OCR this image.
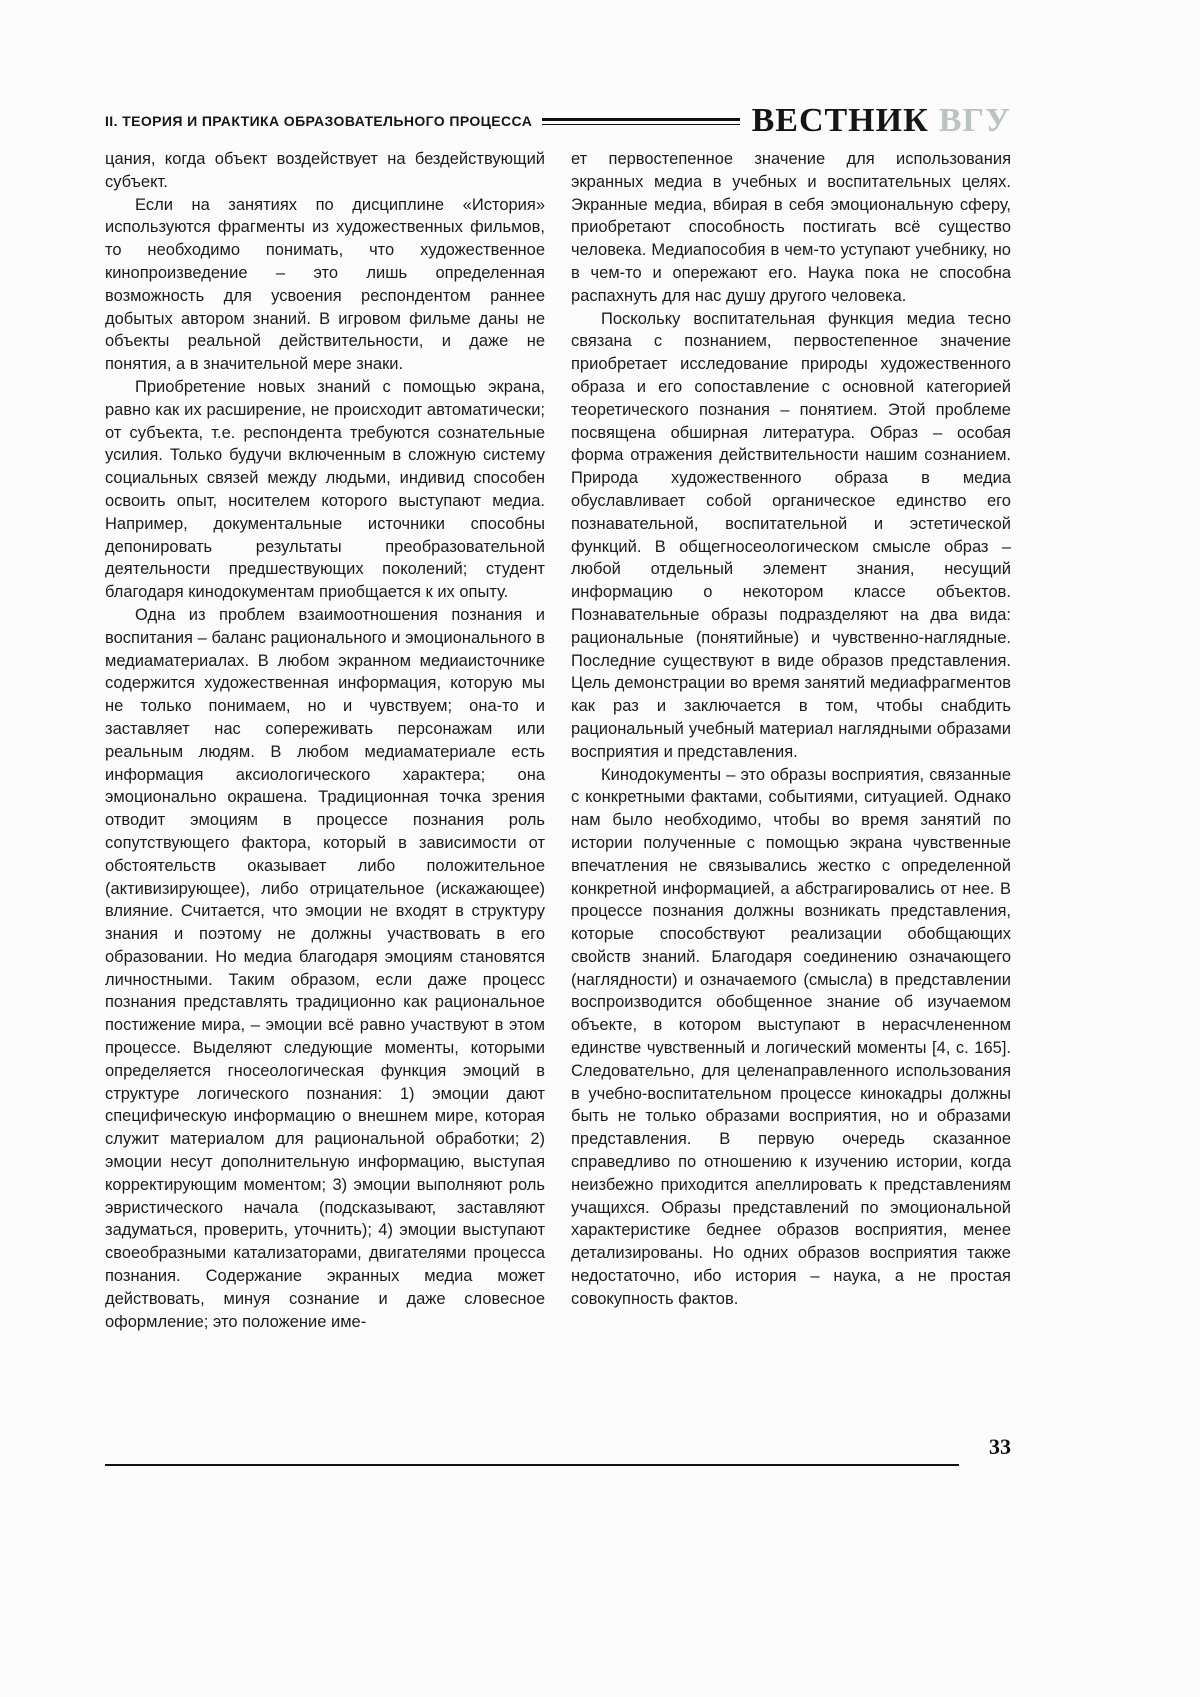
II. ТЕОРИЯ И ПРАКТИКА ОБРАЗОВАТЕЛЬНОГО ПРОЦЕССА	ВЕСТНИК ВГУ

цания, когда объект воздействует на бездействующий субъект.

Если на занятиях по дисциплине «История» используются фрагменты из художественных фильмов, то необходимо понимать, что художественное кинопроизведение – это лишь определенная возможность для усвоения респондентом раннее добытых автором знаний. В игровом фильме даны не объекты реальной действительности, и даже не понятия, а в значительной мере знаки.

Приобретение новых знаний с помощью экрана, равно как их расширение, не происходит автоматически; от субъекта, т.е. респондента требуются сознательные усилия. Только будучи включенным в сложную систему социальных связей между людьми, индивид способен освоить опыт, носителем которого выступают медиа. Например, документальные источники способны депонировать результаты преобразовательной деятельности предшествующих поколений; студент благодаря кинодокументам приобщается к их опыту.

Одна из проблем взаимоотношения познания и воспитания – баланс рационального и эмоционального в медиаматериалах. В любом экранном медиаисточнике содержится художественная информация, которую мы не только понимаем, но и чувствуем; она-то и заставляет нас сопереживать персонажам или реальным людям. В любом медиаматериале есть информация аксиологического характера; она эмоционально окрашена. Традиционная точка зрения отводит эмоциям в процессе познания роль сопутствующего фактора, который в зависимости от обстоятельств оказывает либо положительное (активизирующее), либо отрицательное (искажающее) влияние. Считается, что эмоции не входят в структуру знания и поэтому не должны участвовать в его образовании. Но медиа благодаря эмоциям становятся личностными. Таким образом, если даже процесс познания представлять традиционно как рациональное постижение мира, – эмоции всё равно участвуют в этом процессе. Выделяют следующие моменты, которыми определяется гносеологическая функция эмоций в структуре логического познания: 1) эмоции дают специфическую информацию о внешнем мире, которая служит материалом для рациональной обработки; 2) эмоции несут дополнительную информацию, выступая корректирующим моментом; 3) эмоции выполняют роль эвристического начала (подсказывают, заставляют задуматься, проверить, уточнить); 4) эмоции выступают своеобразными катализаторами, двигателями процесса познания. Содержание экранных медиа может действовать, минуя сознание и даже словесное оформление; это положение име-

ет первостепенное значение для использования экранных медиа в учебных и воспитательных целях. Экранные медиа, вбирая в себя эмоциональную сферу, приобретают способность постигать всё существо человека. Медиапособия в чем-то уступают учебнику, но в чем-то и опережают его. Наука пока не способна распахнуть для нас душу другого человека.

Поскольку воспитательная функция медиа тесно связана с познанием, первостепенное значение приобретает исследование природы художественного образа и его сопоставление с основной категорией теоретического познания – понятием. Этой проблеме посвящена обширная литература. Образ – особая форма отражения действительности нашим сознанием. Природа художественного образа в медиа обуславливает собой органическое единство его познавательной, воспитательной и эстетической функций. В общегносеологическом смысле образ – любой отдельный элемент знания, несущий информацию о некотором классе объектов. Познавательные образы подразделяют на два вида: рациональные (понятийные) и чувственно-наглядные. Последние существуют в виде образов представления. Цель демонстрации во время занятий медиафрагментов как раз и заключается в том, чтобы снабдить рациональный учебный материал наглядными образами восприятия и представления.

Кинодокументы – это образы восприятия, связанные с конкретными фактами, событиями, ситуацией. Однако нам было необходимо, чтобы во время занятий по истории полученные с помощью экрана чувственные впечатления не связывались жестко с определенной конкретной информацией, а абстрагировались от нее. В процессе познания должны возникать представления, которые способствуют реализации обобщающих свойств знаний. Благодаря соединению означающего (наглядности) и означаемого (смысла) в представлении воспроизводится обобщенное знание об изучаемом объекте, в котором выступают в нерасчлененном единстве чувственный и логический моменты [4, с. 165]. Следовательно, для целенаправленного использования в учебно-воспитательном процессе кинокадры должны быть не только образами восприятия, но и образами представления. В первую очередь сказанное справедливо по отношению к изучению истории, когда неизбежно приходится апеллировать к представлениям учащихся. Образы представлений по эмоциональной характеристике беднее образов восприятия, менее детализированы. Но одних образов восприятия также недостаточно, ибо история – наука, а не простая совокупность фактов.

33
